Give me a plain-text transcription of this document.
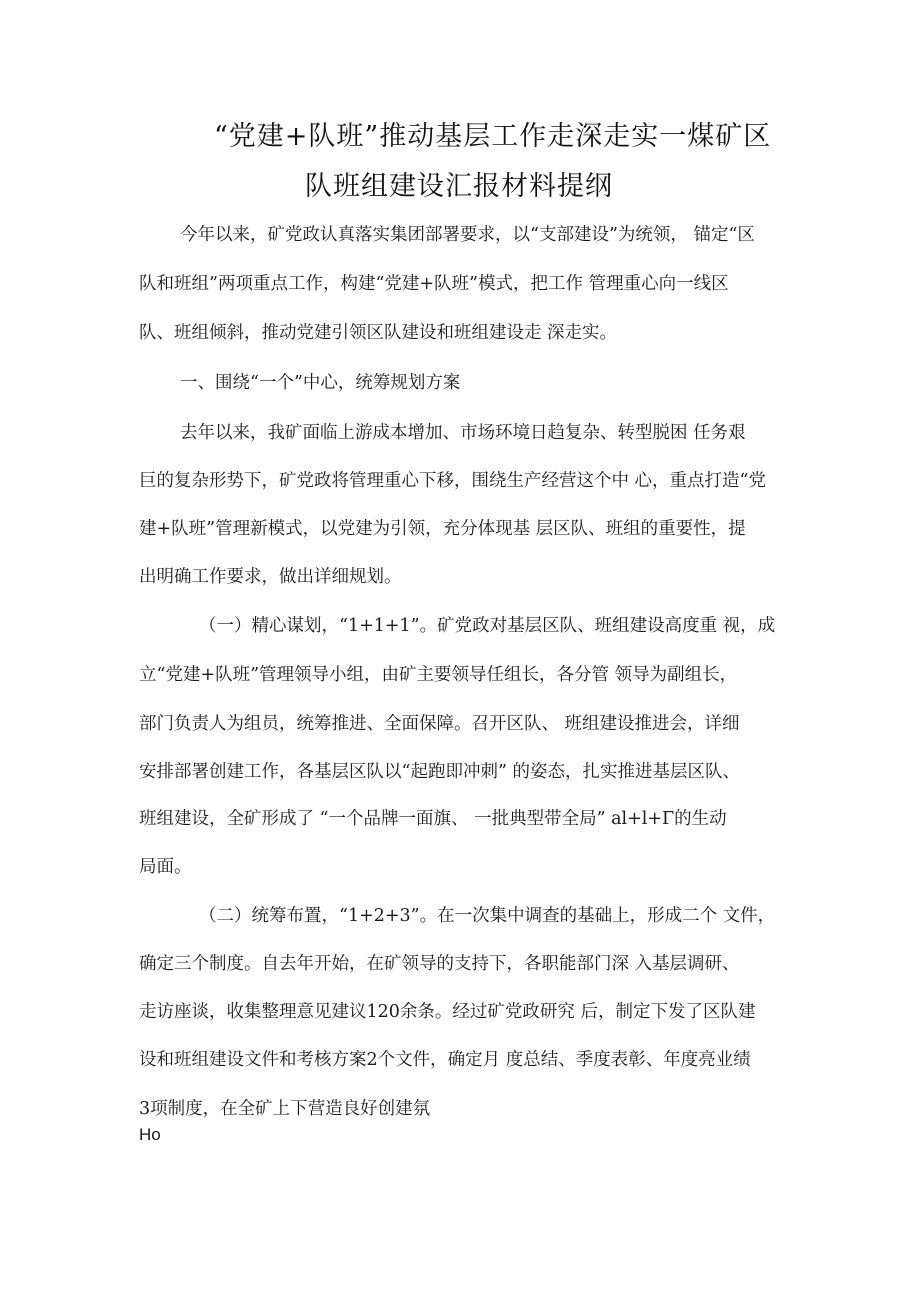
“党建+队班”推动基层工作走深走实一煤矿区
队班组建设汇报材料提纲
今年以来，矿党政认真落实集团部署要求，以“支部建设”为统领， 锚定“区
队和班组”两项重点工作，构建“党建+队班”模式，把工作 管理重心向一线区
队、班组倾斜，推动党建引领区队建设和班组建设走 深走实。
一、围绕“一个”中心，统筹规划方案
去年以来，我矿面临上游成本增加、市场环境日趋复杂、转型脱困 任务艰
巨的复杂形势下，矿党政将管理重心下移，围绕生产经营这个中 心，重点打造“党
建+队班”管理新模式，以党建为引领，充分体现基 层区队、班组的重要性，提
出明确工作要求，做出详细规划。
（一）精心谋划，“1+1+1”。矿党政对基层区队、班组建设高度重 视，成
立“党建+队班”管理领导小组，由矿主要领导任组长，各分管 领导为副组长，
部门负责人为组员，统筹推进、全面保障。召开区队、 班组建设推进会，详细
安排部署创建工作，各基层区队以“起跑即冲刺” 的姿态，扎实推进基层区队、
班组建设，全矿形成了 “一个品牌一面旗、 一批典型带全局” al+l+Γ的生动
局面。
（二）统筹布置，“1+2+3”。在一次集中调查的基础上，形成二个 文件，
确定三个制度。自去年开始，在矿领导的支持下，各职能部门深 入基层调研、
走访座谈，收集整理意见建议120余条。经过矿党政研究 后，制定下发了区队建
设和班组建设文件和考核方案2个文件，确定月 度总结、季度表彰、年度亮业绩
3项制度，在全矿上下营造良好创建氛
Ho
